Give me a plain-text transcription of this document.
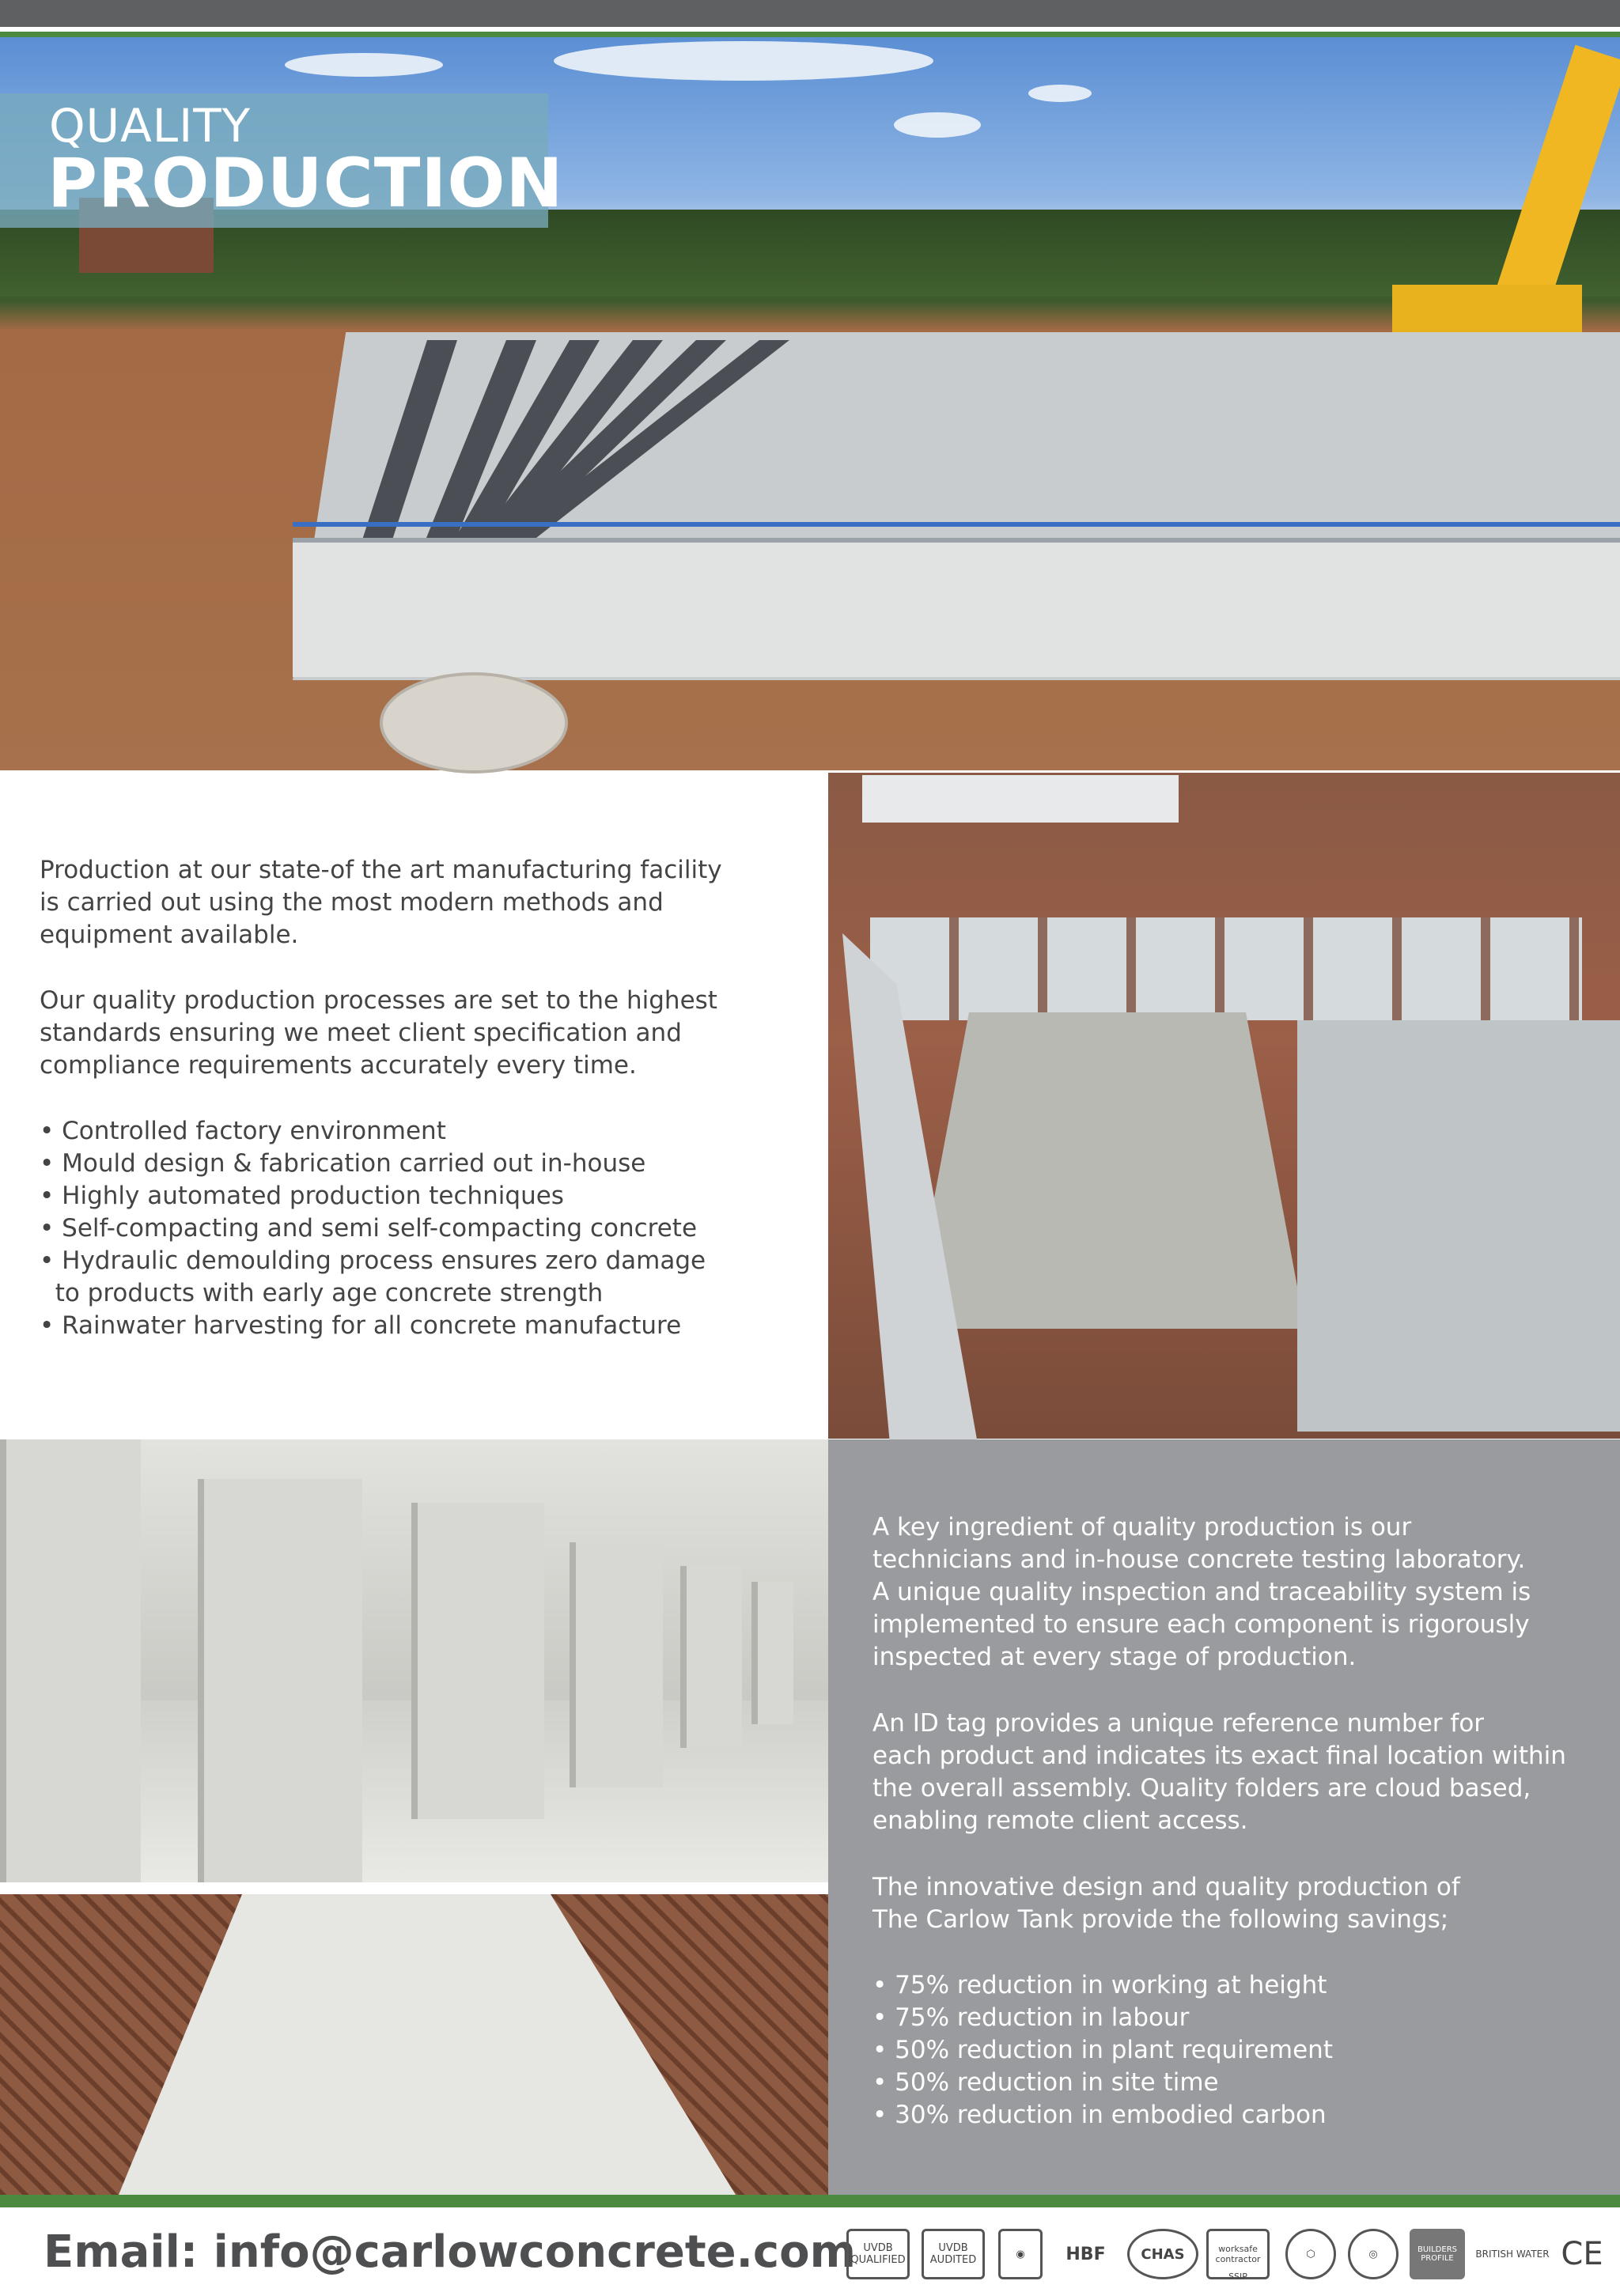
QUALITY
PRODUCTION
Production at our state-of the art manufacturing facility
is carried out using the most modern methods and
equipment available.
Our quality production processes are set to the highest
standards ensuring we meet client specification and
compliance requirements accurately every time.
• Controlled factory environment
• Mould design & fabrication carried out in-house
• Highly automated production techniques
• Self-compacting and semi self-compacting concrete
• Hydraulic demoulding process ensures zero damage
to products with early age concrete strength
• Rainwater harvesting for all concrete manufacture
A key ingredient of quality production is our
technicians and in-house concrete testing laboratory.
A unique quality inspection and traceability system is
implemented to ensure each component is rigorously
inspected at every stage of production.
An ID tag provides a unique reference number for
each product and indicates its exact final location within
the overall assembly. Quality folders are cloud based,
enabling remote client access.
The innovative design and quality production of
The Carlow Tank provide the following savings;
• 75% reduction in working at height
• 75% reduction in labour
• 50% reduction in plant requirement
• 50% reduction in site time
• 30% reduction in embodied carbon
Email: info@carlowconcrete.com UVDB
QUALIFIED
UVDB
AUDITED	◉	HBF	CHAS	worksafe
contractor
SSIP
⬡	◎	BUILDERS
PROFILE	BRITISH WATER CE
